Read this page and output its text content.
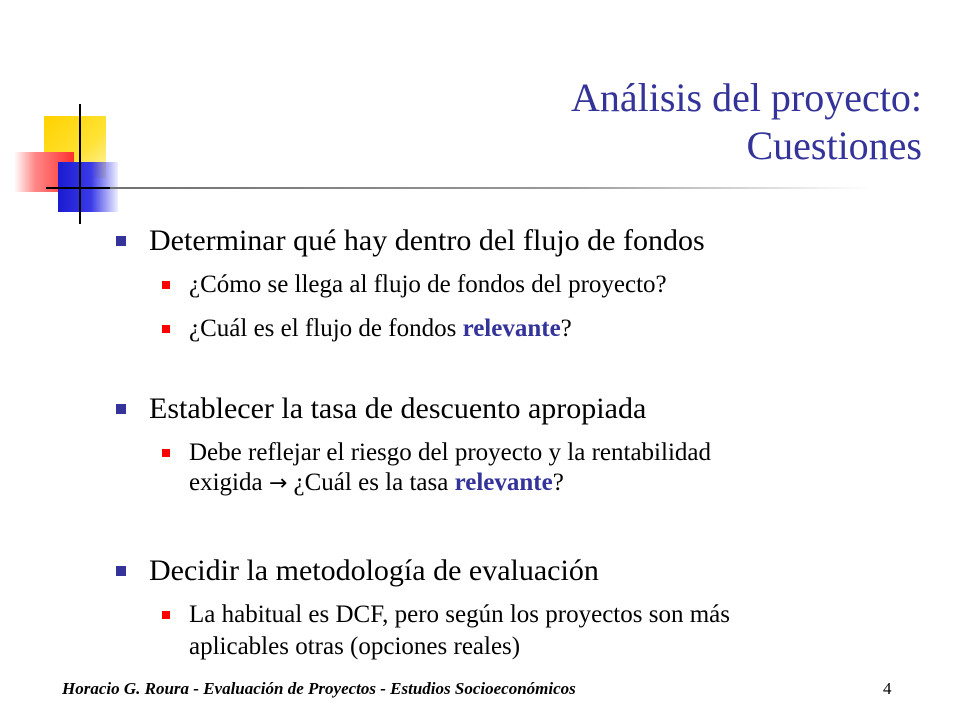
Análisis del proyecto:
Cuestiones
Determinar qué hay dentro del flujo de fondos
¿Cómo se llega al flujo de fondos del proyecto?
¿Cuál es el flujo de fondos relevante?
Establecer la tasa de descuento apropiada
Debe reflejar el riesgo del proyecto y la rentabilidad
exigida → ¿Cuál es la tasa relevante?
Decidir la metodología de evaluación
La habitual es DCF, pero según los proyectos son más
aplicables otras (opciones reales)
Horacio G. Roura - Evaluación de Proyectos - Estudios Socioeconómicos	4
